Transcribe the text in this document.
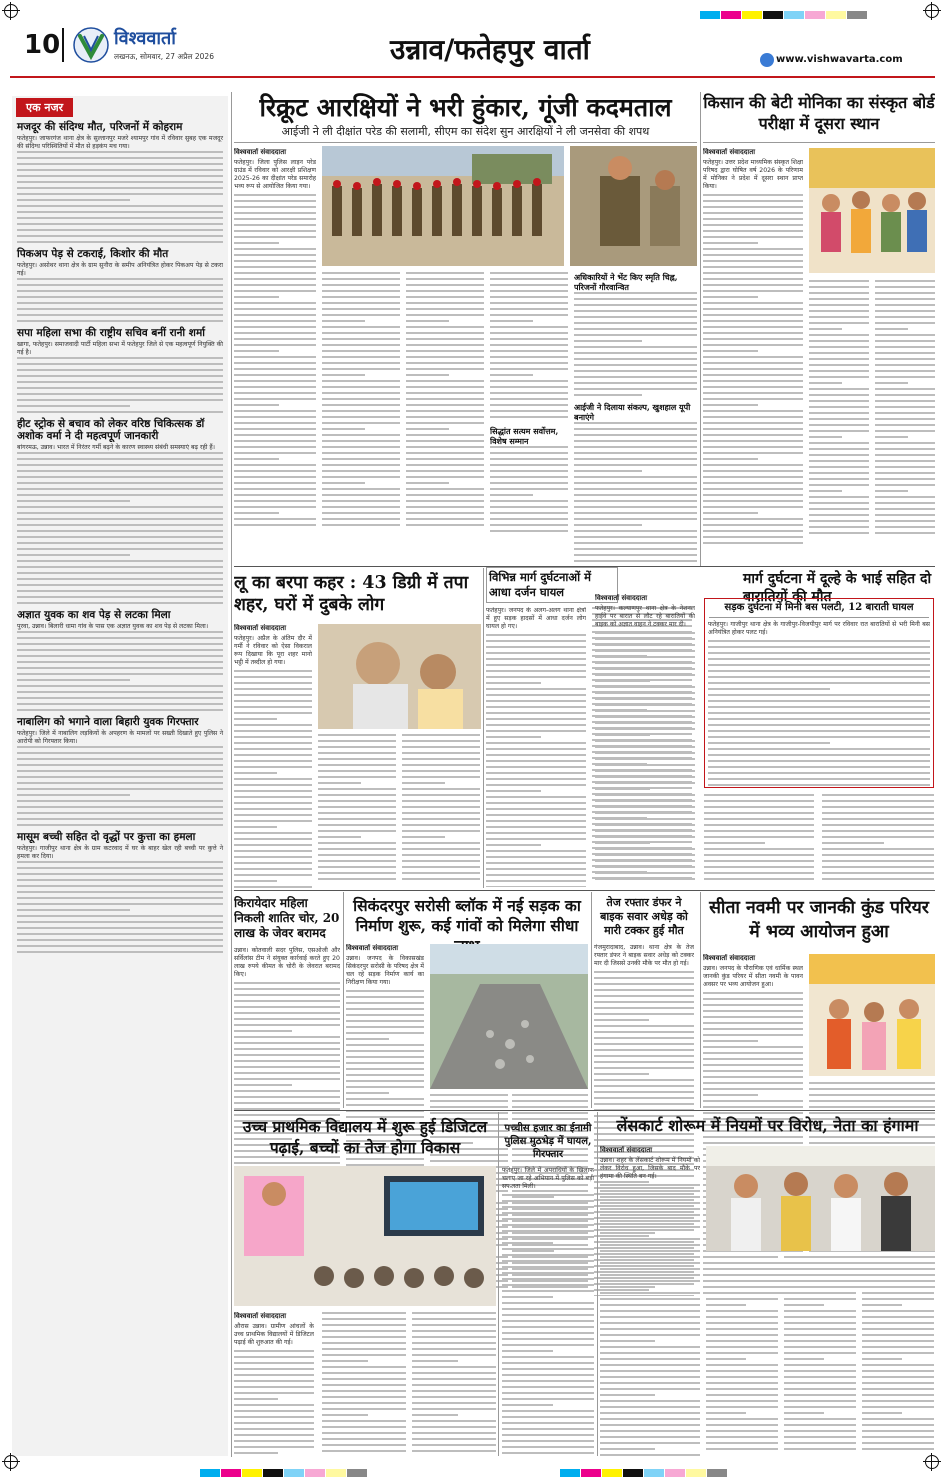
10	विश्ववार्ता
लखनऊ, सोमवार, 27 अप्रैल 2026	उन्नाव/फतेहपुर वार्ता	www.vishwavarta.com
एक नजर
मजदूर की संदिग्ध मौत, परिजनों में कोहराम
फतेहपुर। जाफरगंज थाना क्षेत्र के सुल्तानपुर मजरे श्यामपुर गांव में रविवार सुबह एक मजदूर की संदिग्ध परिस्थितियों में मौत से हड़कंप मच गया।
पिकअप पेड़ से टकराई, किशोर की मौत
फतेहपुर। असोथर थाना क्षेत्र के ग्राम सुनौरा के समीप अनियंत्रित होकर पिकअप पेड़ से टकरा गई।
सपा महिला सभा की राष्ट्रीय सचिव बनीं रानी शर्मा
खागा, फतेहपुर। समाजवादी पार्टी महिला सभा में फतेहपुर जिले से एक महत्वपूर्ण नियुक्ति की गई है।
हीट स्ट्रोक से बचाव को लेकर वरिष्ठ चिकित्सक डॉ अशोक वर्मा ने दी महत्वपूर्ण जानकारी
बांगरमऊ, उन्नाव। भारत में निरंतर गर्मी बढ़ने के कारण स्वास्थ्य संबंधी समस्याएं बढ़ रही हैं।
अज्ञात युवक का शव पेड़ से लटका मिला
पुरवा, उन्नाव। बिलारी धामा गांव के पास एक अज्ञात युवक का शव पेड़ से लटका मिला।
नाबालिग को भगाने वाला बिहारी युवक गिरफ्तार
फतेहपुर। जिले में नाबालिग लड़कियों के अपहरण के मामलों पर सख्ती दिखाते हुए पुलिस ने आरोपी को गिरफ्तार किया।
मासूम बच्ची सहित दो वृद्धों पर कुत्ता का हमला
फतेहपुर। गाजीपुर थाना क्षेत्र के ग्राम कटरवाद में घर के बाहर खेल रही बच्ची पर कुत्ते ने हमला कर दिया।
रिक्रूट आरक्षियों ने भरी हुंकार, गूंजी कदमताल
आईजी ने ली दीक्षांत परेड की सलामी, सीएम का संदेश सुन आरक्षियों ने ली जनसेवा की शपथ
विश्ववार्ता संवाददाता
फतेहपुर। जिला पुलिस लाइन परेड ग्राउंड में रविवार को आरक्षी प्रशिक्षण 2025-26 का दीक्षांत परेड समारोह भव्य रूप से आयोजित किया गया।
सिद्धांत सत्यम सर्वोत्तम, विशेष सम्मान
अधिकारियों ने भेंट किए स्मृति चिह्न, परिजनों गौरवान्वित
आईजी ने दिलाया संकल्प, खुशहाल यूपी बनाएंगे
किसान की बेटी मोनिका का संस्कृत बोर्ड परीक्षा में दूसरा स्थान
विश्ववार्ता संवाददाता
फतेहपुर। उत्तर प्रदेश माध्यमिक संस्कृत शिक्षा परिषद द्वारा घोषित वर्ष 2026 के परिणाम में मोनिका ने प्रदेश में दूसरा स्थान प्राप्त किया।
लू का बरपा कहर : 43 डिग्री में तपा शहर, घरों में दुबके लोग
विश्ववार्ता संवाददाता
फतेहपुर। अप्रैल के अंतिम दौर में गर्मी ने रविवार को ऐसा विकराल रूप दिखाया कि पूरा शहर मानो भट्ठी में तब्दील हो गया।
विभिन्न मार्ग दुर्घटनाओं में आधा दर्जन घायल
फतेहपुर। जनपद के अलग-अलग थाना क्षेत्रों में हुए सड़क हादसों में आधा दर्जन लोग घायल हो गए।
मार्ग दुर्घटना में दूल्हे के भाई सहित दो बारातियों की मौत
विश्ववार्ता संवाददाता
फतेहपुर। कल्याणपुर थाना क्षेत्र के नेशनल हाईवे पर बारात से लौट रहे बारातियों की बाइक को अज्ञात वाहन ने टक्कर मार दी।
सड़क दुर्घटना में मिनी बस पलटी, 12 बाराती घायल
फतेहपुर। गाजीपुर थाना क्षेत्र के गाजीपुर-विजयीपुर मार्ग पर रविवार रात बारातियों से भरी मिनी बस अनियंत्रित होकर पलट गई।
किरायेदार महिला निकली शातिर चोर, 20 लाख के जेवर बरामद
उन्नाव। कोतवाली सदर पुलिस, एसओजी और सर्विलांस टीम ने संयुक्त कार्रवाई करते हुए 20 लाख रुपये कीमत के चोरी के जेवरात बरामद किए।
सिकंदरपुर सरोसी ब्लॉक में नई सड़क का निर्माण शुरू, कई गांवों को मिलेगा सीधा
विश्ववार्ता संवाददाता
उन्नाव। जनपद के विकासखंड सिकंदरपुर सरोसी के परिषद क्षेत्र में चल रहे सड़क निर्माण कार्य का निरीक्षण किया गया।
तेज रफ्तार डंफर ने बाइक सवार अधेड़ को मारी टक्कर हुई मौत
गंजमुरादाबाद, उन्नाव। थाना क्षेत्र के तेज रफ्तार डंफर ने बाइक सवार अधेड़ को टक्कर मार दी जिससे उनकी मौके पर मौत हो गई।
सीता नवमी पर जानकी कुंड परियर में भव्य आयोजन हुआ
विश्ववार्ता संवाददाता
उन्नाव। जनपद के पौराणिक एवं धार्मिक स्थल जानकी कुंड परियर में सीता नवमी के पावन अवसर पर भव्य आयोजन हुआ।
उच्च प्राथमिक विद्यालय में शुरू हुई डिजिटल पढ़ाई, बच्चों का तेज होगा विकास
विश्ववार्ता संवाददाता
औरास उन्नाव। ग्रामीण आंचलों के उच्च प्राथमिक विद्यालयों में डिजिटल पढ़ाई की शुरुआत की गई।
पच्चीस हजार का ईनामी पुलिस मुठभेड़ में घायल, गिरफ्तार
फतेहपुर। जिले में अपराधियों के खिलाफ चलाए जा रहे अभियान में पुलिस को बड़ी सफलता मिली।
लेंसकार्ट शोरूम में नियमों पर विरोध, नेता का हंगामा
विश्ववार्ता संवाददाता
उन्नाव। शहर के लेंसकार्ट शोरूम में नियमों को लेकर विरोध हुआ, जिसके बाद मौके पर हंगामा की स्थिति बन गई।
